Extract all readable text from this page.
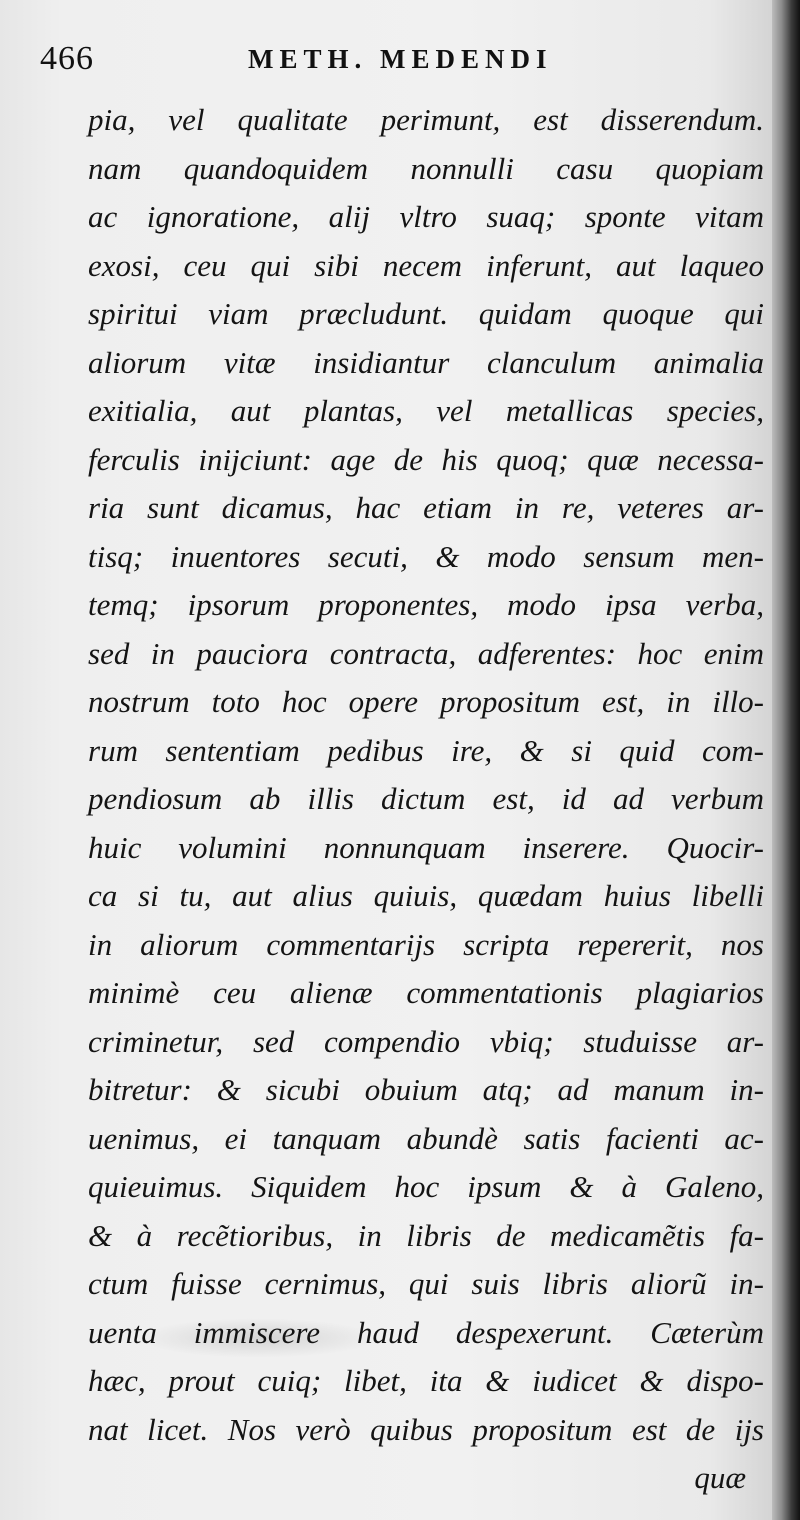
466	METH. MEDENDI
pia, vel qualitate perimunt, est disserendum.
nam quandoquidem nonnulli casu quopiam
ac ignoratione, alij vltro suaq; sponte vitam
exosi, ceu qui sibi necem inferunt, aut laqueo
spiritui viam præcludunt. quidam quoque qui
aliorum vitæ insidiantur clanculum animalia
exitialia, aut plantas, vel metallicas species,
ferculis inijciunt: age de his quoq; quæ necessa-
ria sunt dicamus, hac etiam in re, veteres ar-
tisq; inuentores secuti, & modo sensum men-
temq; ipsorum proponentes, modo ipsa verba,
sed in pauciora contracta, adferentes: hoc enim
nostrum toto hoc opere propositum est, in illo-
rum sententiam pedibus ire, & si quid com-
pendiosum ab illis dictum est, id ad verbum
huic volumini nonnunquam inserere. Quocir-
ca si tu, aut alius quiuis, quædam huius libelli
in aliorum commentarijs scripta repererit, nos
minimè ceu alienæ commentationis plagiarios
criminetur, sed compendio vbiq; studuisse ar-
bitretur: & sicubi obuium atq; ad manum in-
uenimus, ei tanquam abundè satis facienti ac-
quieuimus. Siquidem hoc ipsum & à Galeno,
& à recẽtioribus, in libris de medicamẽtis fa-
ctum fuisse cernimus, qui suis libris aliorũ in-
uenta immiscere haud despexerunt. Cæterùm
hæc, prout cuiq; libet, ita & iudicet & dispo-
nat licet. Nos verò quibus propositum est de ijs
quæ
